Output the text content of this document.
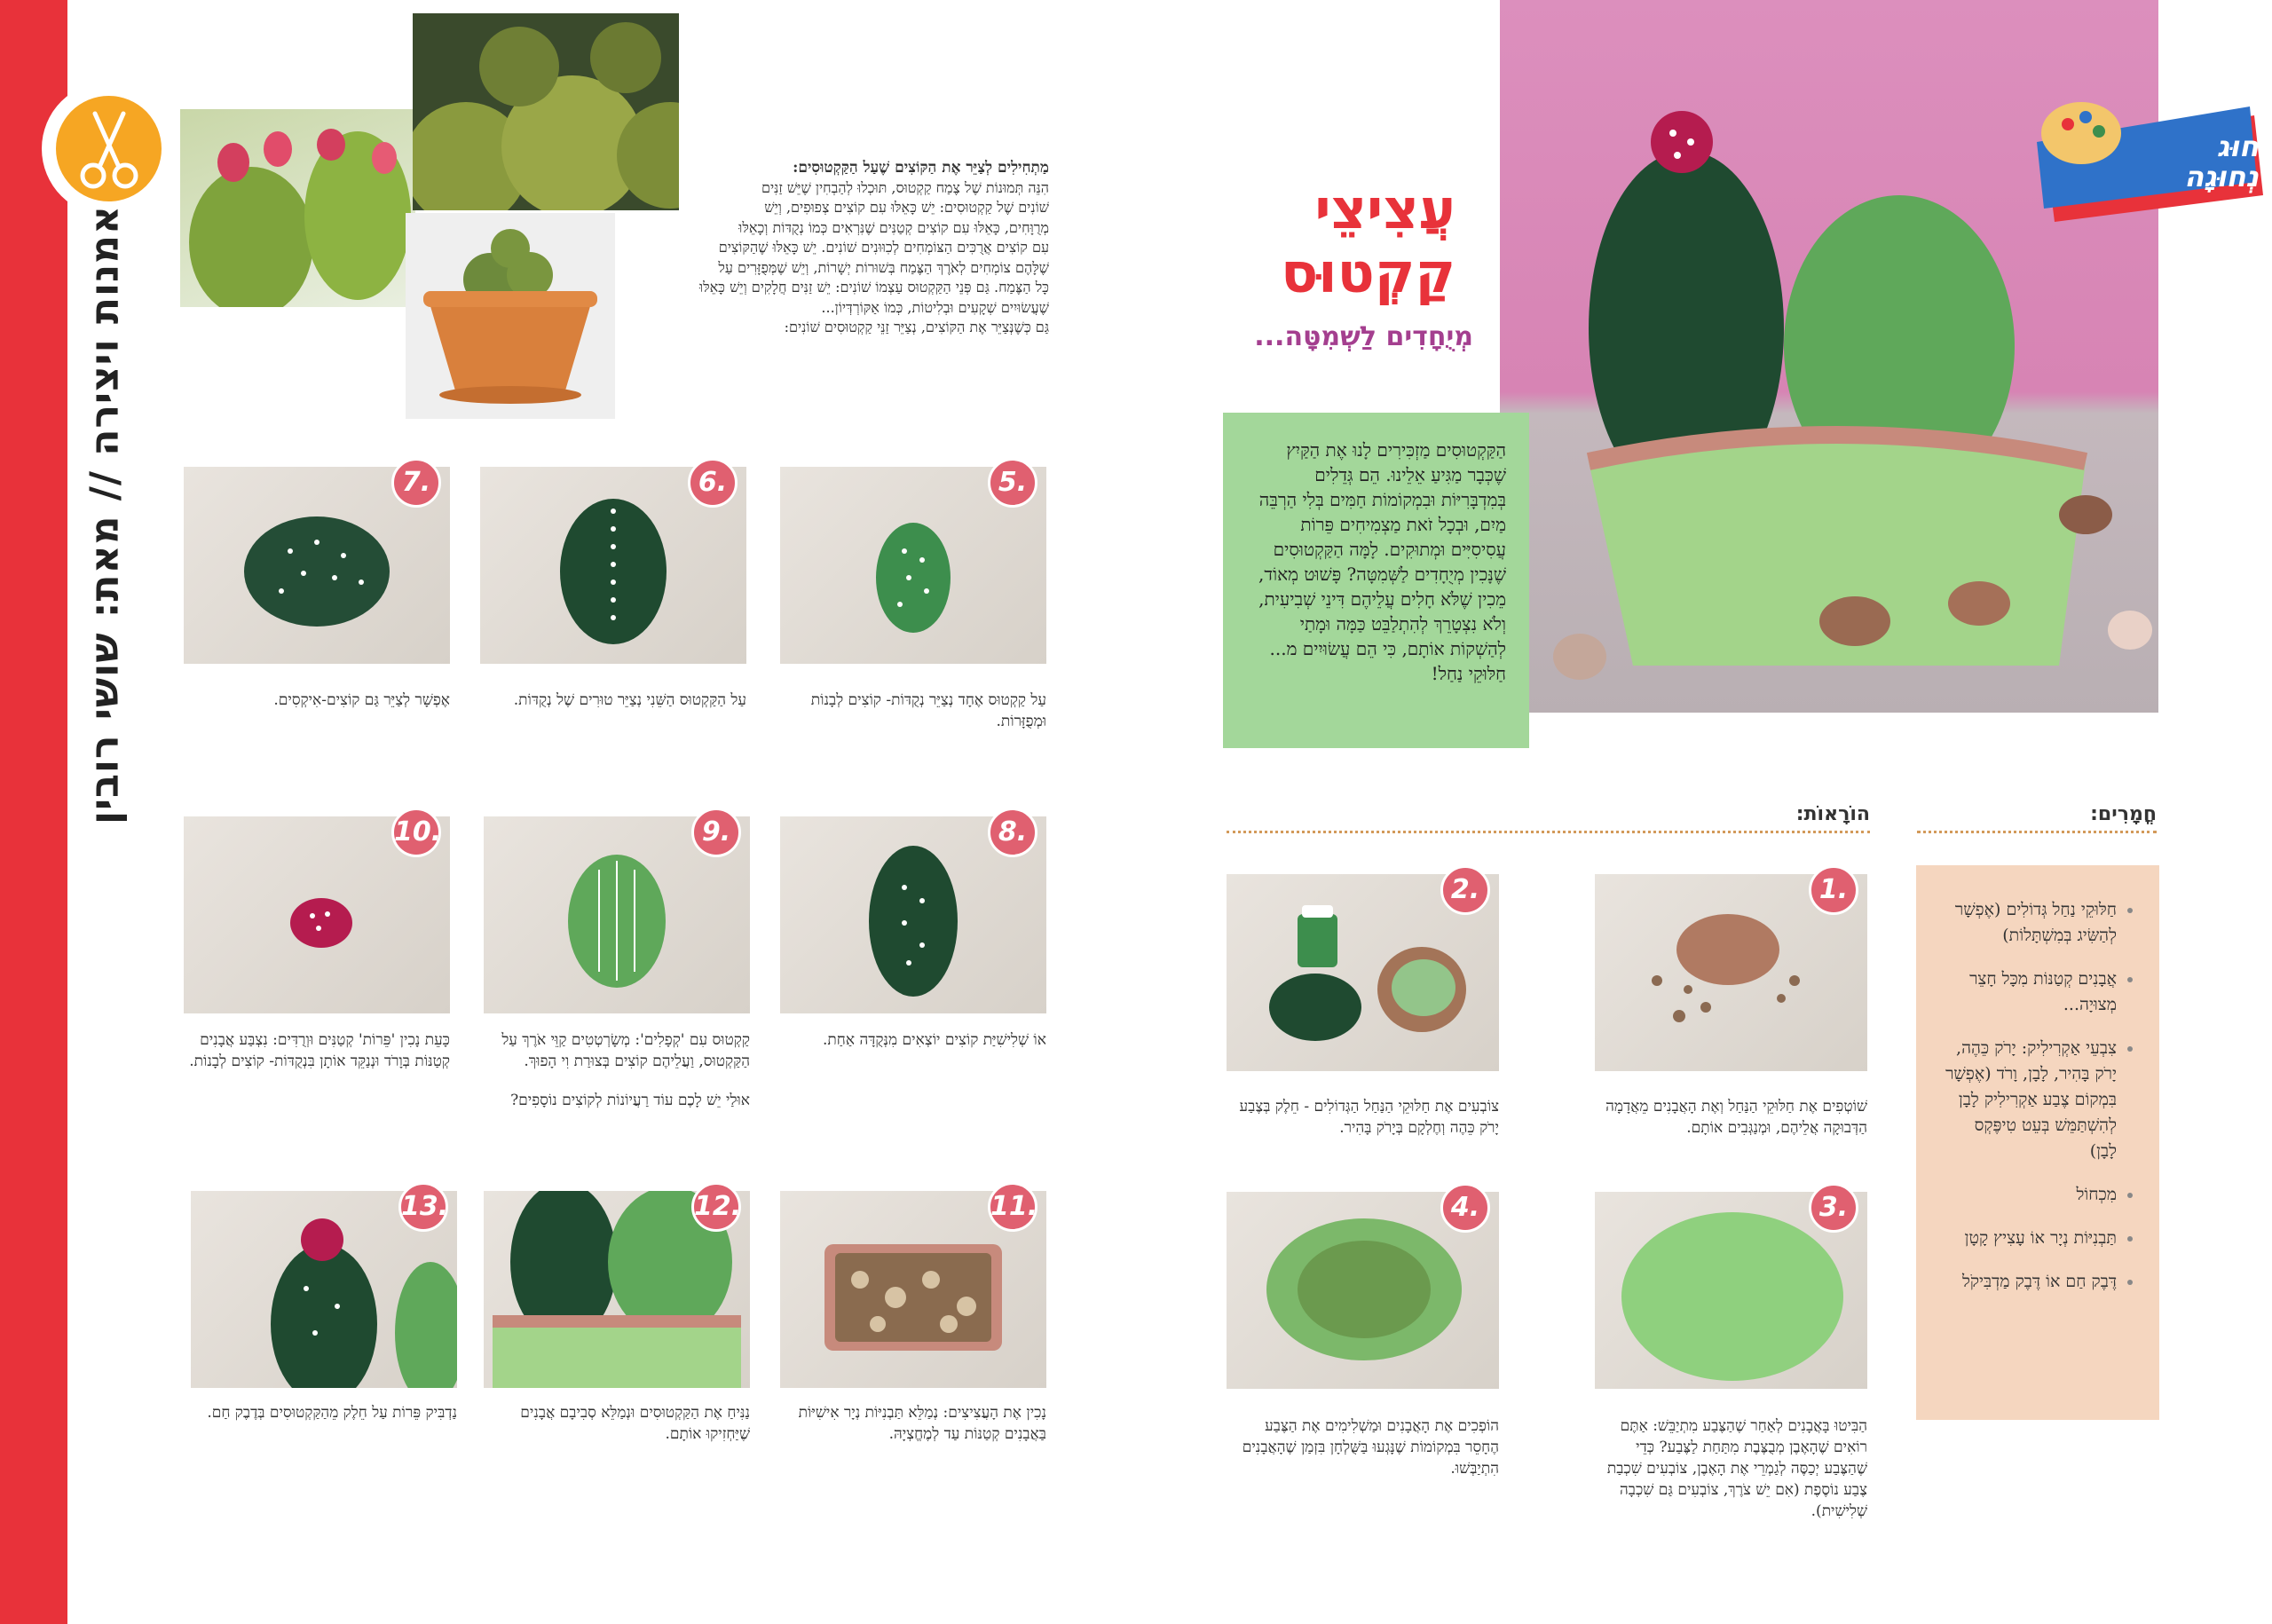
אמנות ויצירה // מאת: שושי רובין
מַתְחִילִים לְצַיֵּר אֶת הַקּוֹצִים שֶׁעַל הַקַּקְטוּסִים:
הִנֵּה תְּמוּנוֹת שֶׁל צֶמַח קַקְטוּס, תּוּכְלוּ לְהַבְחִין שֶׁיֵּשׁ זַנִּים
שׁוֹנִים שֶׁל קַקְטוּסִים: יֵשׁ כָּאֵלּוּ עִם קוֹצִים צְפוּפִים, וְיֵשׁ
מְרֻוָּחִים, כָּאֵלּוּ עִם קוֹצִים קְטַנִּים שֶׁנִּרְאִים כְּמוֹ נְקֻדּוֹת וְכָאֵלּוּ
עִם קוֹצִים אֲרֻכִּים הַצּוֹמְחִים לְכִוּוּנִים שׁוֹנִים. יֵשׁ כָּאֵלּוּ שֶׁהַקּוֹצִים
שֶׁלָּהֶם צוֹמְחִים לְאֹרֶךְ הַצֶּמַח בְּשׁוּרוֹת יְשָׁרוֹת, וְיֵשׁ שֶׁמְּפֻזָּרִים עַל
כָּל הַצֶּמַח. גַּם פְּנֵי הַקַּקְטוּס עַצְמוֹ שׁוֹנִים: יֵשׁ זַנִּים חֲלָקִים וְיֵשׁ כָּאֵלּוּ
שֶׁעֲשׂוּיִים שְׁקָעִים וּבְלִיטוֹת, כְּמוֹ אַקּוֹרְדְּיוֹן...
גַּם כְּשֶׁנְּצַיֵּר אֶת הַקּוֹצִים, נְצַיֵּר זַנֵּי קַקְטוּסִים שׁוֹנִים:
7.	6.	5.
אֶפְשָׁר לְצַיֵּר גַּם קוֹצִים-אִיקְסִים.	עַל הַקַּקְטוּס הַשֵּׁנִי נְצַיֵּר טוּרִים שֶׁל נְקֻדּוֹת.	עַל קַקְטוּס אֶחָד נְצַיֵּר נְקֻדּוֹת- קוֹצִים לְבָנוֹת וּמְפֻזָּרוֹת.
10.	9.	8.
כָּעֵת נָכִין 'פֵּרוֹת' קְטַנִּים וּוְרֻדִּים: נִצְבַּע אֲבָנִים קְטַנּוֹת בְּוָרֹד וּנְנַקֵּד אוֹתָן בִּנְקֻדּוֹת- קוֹצִים לְבָנוֹת.
קַקְטוּס עִם 'קְפָלִים': מְשָׂרְטְטִים קַוֵּי אֹרֶךְ עַל הַקַּקְטוּס, וַעֲלֵיהֶם קוֹצִים בְּצוּרַת וִי הָפוּךְ.
אוּלַי יֵשׁ לָכֶם עוֹד רַעֲיוֹנוֹת לְקוֹצִים נוֹסָפִים?
אוֹ שְׁלִישִׁיַּת קוֹצִים יוֹצְאִים מִנְּקֻדָּה אַחַת.
13.	12.	11.
נַדְבִּיק פֵּרוֹת עַל חֵלֶק מֵהַקַּקְטוּסִים בְּדֶבֶק חַם.	נַנִּיחַ אֶת הַקַּקְטוּסִים וּנְמַלֵּא סְבִיבָם אֲבָנִים שֶׁיַּחְזִיקוּ אוֹתָם.
נָכִין אֶת הָעֲצִיצִים: נְמַלֵּא תַּבְנִיּוֹת נְיָר אִישִׁיּוֹת בַּאֲבָנִים קְטַנּוֹת עַד לְמֶחֱצְיָהּ.
עֲצִיצֵי
קַקְטוּס
מְיֻחָדִים לַשְׁמִטָּה...
חוּג
נְחוּגָה
הַקַּקְטוּסִים מַזְכִּירִים לָנוּ אֶת הַקַּיִץ שֶׁכְּבָר מַגִּיעַ אֵלֵינוּ. הֵם גְּדֵלִים בְּמִדְבָּרִיּוֹת וּבִמְקוֹמוֹת חַמִּים בְּלִי הַרְבֵּה מַיִם, וּבְכָל זֹאת מַצְמִיחִים פֵּרוֹת עֲסִיסִיִּים וּמְתוּקִים. לָמָּה הַקַּקְטוּסִים שֶׁנָּכִין מְיֻחָדִים לַשְּׁמִטָּה? פָּשׁוּט מְאוֹד, מֵכִין שֶׁלֹּא חָלִים עֲלֵיהֶם דִּינֵי שְׁבִיעִית, וְלֹא נִצְטָרֵךְ לְהִתְלַבֵּט כַּמָּה וּמָתַי לְהַשְׁקוֹת אוֹתָם, כִּי הֵם עֲשׂוּיִים מ... חַלּוּקֵי נַחַל!
הוֹרָאוֹת:	חֳמָרִים:
• חַלּוּקֵי נַחַל גְּדוֹלִים (אֶפְשָׁר לְהַשִּׂיג בְּמִשְׁתָּלוֹת)
• אֲבָנִים קְטַנּוֹת מִכָּל חָצֵר מְצוּיָה...
• צִבְעֵי אַקְרִילִיק: יָרֹק כֵּהֶה, יָרֹק בָּהִיר, לָבָן, וָרֹד (אֶפְשָׁר בִּמְקוֹם צֶבַע אַקְרִילִיק לָבָן לְהִשְׁתַּמֵּשׁ בְּעֵט טִיפֶּקְס לָבָן)
• מִכְחוֹל
• תַּבְנִיּוֹת נְיָר אוֹ עָצִיץ קָטָן
• דֶּבֶק חַם אוֹ דֶּבֶק מַדְבִּיקֹל
2.	1.
צוֹבְעִים אֶת חַלּוּקֵי הַנַּחַל הַגְּדוֹלִים - חֵלֶק בְּצֶבַע יָרֹק כֵּהֶה וְחֶלְקָם בְּיָרֹק בָּהִיר.
שׁוֹטְפִים אֶת חַלּוּקֵי הַנַּחַל וְאֶת הָאֲבָנִים מֵאֲדָמָה הַדְּבוּקָה אֲלֵיהֶם, וּמְנַגְּבִים אוֹתָם.
4.	3.
הוֹפְכִים אֶת הָאֲבָנִים וּמַשְׁלִימִים אֶת הַצֶּבַע הֶחָסֵר בִּמְקוֹמוֹת שֶׁנָּגְעוּ בַּשֻּׁלְחָן בִּזְמַן שֶׁהָאֲבָנִים הִתְיַבְּשׁוּ.
הַבִּיטוּ בָּאֲבָנִים לְאַחַר שֶׁהַצֶּבַע מִתְיַבֵּשׁ: אַתֶּם רוֹאִים שֶׁהָאֶבֶן מְבֻצֶּבֶת מִתַּחַת לַצֶּבַע? כְּדֵי שֶׁהַצֶּבַע יְכַסֶּה לְגַמְרֵי אֶת הָאֶבֶן, צוֹבְעִים שִׁכְבַת צֶבַע נוֹסֶפֶת (אִם יֵשׁ צֹרֶךְ, צוֹבְעִים גַּם שִׁכְבָה שְׁלִישִׁית).
